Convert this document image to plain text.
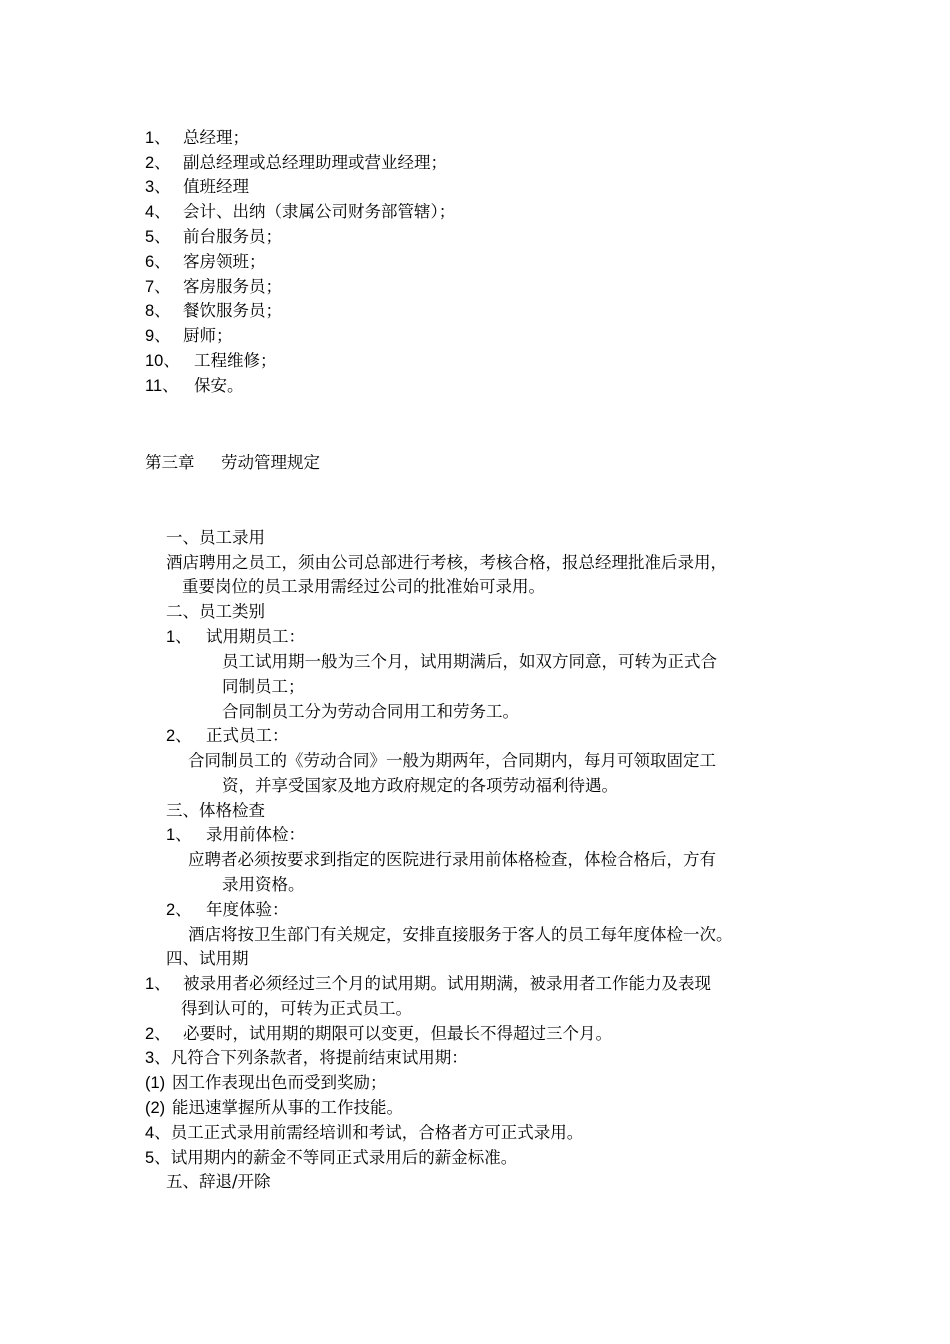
1、 总经理；
2、 副总经理或总经理助理或营业经理；
3、 值班经理
4、 会计、出纳（隶属公司财务部管辖）；
5、 前台服务员；
6、 客房领班；
7、 客房服务员；
8、 餐饮服务员；
9、 厨师；
10、 工程维修；
11、 保安。
第三章 劳动管理规定
一、员工录用
酒店聘用之员工，须由公司总部进行考核，考核合格，报总经理批准后录用，
重要岗位的员工录用需经过公司的批准始可录用。
二、员工类别
1、 试用期员工：
员工试用期一般为三个月，试用期满后，如双方同意，可转为正式合
同制员工；
合同制员工分为劳动合同用工和劳务工。
2、 正式员工：
合同制员工的《劳动合同》一般为期两年，合同期内，每月可领取固定工
资，并享受国家及地方政府规定的各项劳动福利待遇。
三、体格检查
1、 录用前体检：
应聘者必须按要求到指定的医院进行录用前体格检查，体检合格后，方有
录用资格。
2、 年度体验：
酒店将按卫生部门有关规定，安排直接服务于客人的员工每年度体检一次。
四、试用期
1、 被录用者必须经过三个月的试用期。试用期满，被录用者工作能力及表现
得到认可的，可转为正式员工。
2、 必要时，试用期的期限可以变更，但最长不得超过三个月。
3、凡符合下列条款者，将提前结束试用期：
(1) 因工作表现出色而受到奖励；
(2) 能迅速掌握所从事的工作技能。
4、员工正式录用前需经培训和考试，合格者方可正式录用。
5、试用期内的薪金不等同正式录用后的薪金标准。
五、辞退/开除
